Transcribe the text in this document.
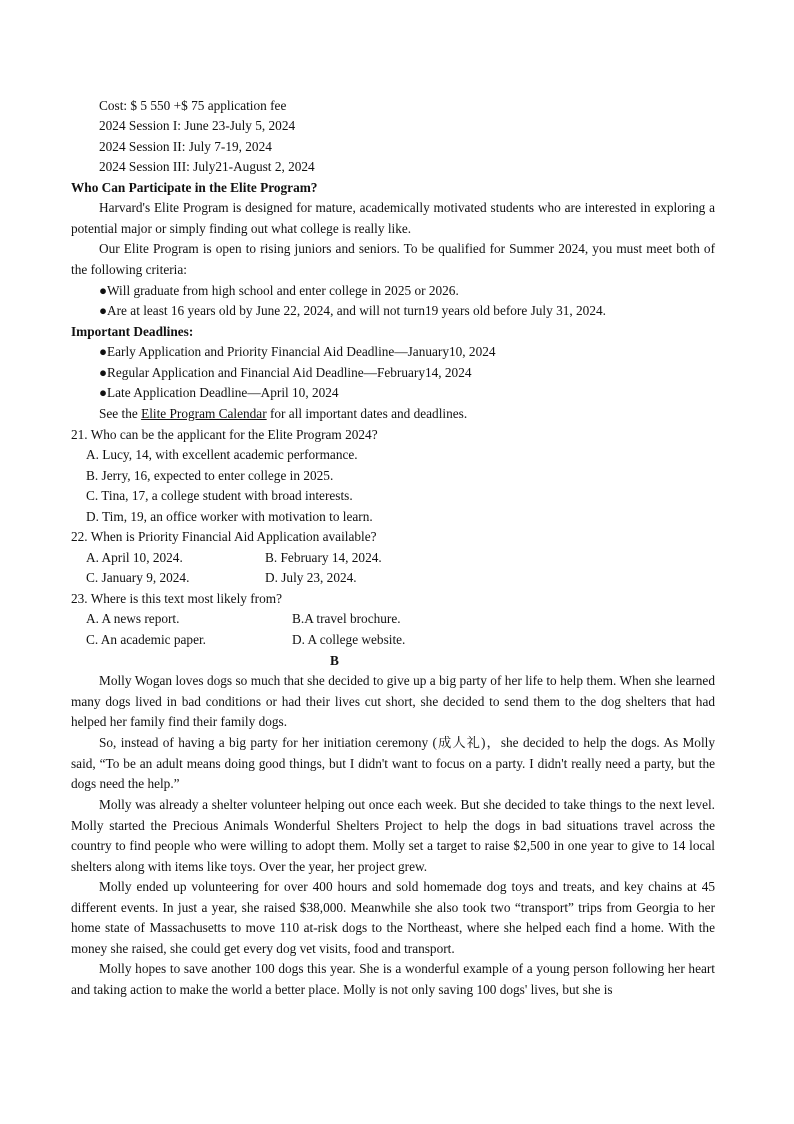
Cost: $ 5 550 +$ 75 application fee
2024 Session I: June 23-July 5, 2024
2024 Session II: July 7-19, 2024
2024 Session III: July21-August 2, 2024
Who Can Participate in the Elite Program?
Harvard's Elite Program is designed for mature, academically motivated students who are interested in exploring a potential major or simply finding out what college is really like.
Our Elite Program is open to rising juniors and seniors. To be qualified for Summer 2024, you must meet both of the following criteria:
●Will graduate from high school and enter college in 2025 or 2026.
●Are at least 16 years old by June 22, 2024, and will not turn19 years old before July 31, 2024.
Important Deadlines:
●Early Application and Priority Financial Aid Deadline—January10, 2024
●Regular Application and Financial Aid Deadline—February14, 2024
●Late Application Deadline—April 10, 2024
See the Elite Program Calendar for all important dates and deadlines.
21. Who can be the applicant for the Elite Program 2024?
A. Lucy, 14, with excellent academic performance.
B. Jerry, 16, expected to enter college in 2025.
C. Tina, 17, a college student with broad interests.
D. Tim, 19, an office worker with motivation to learn.
22. When is Priority Financial Aid Application available?
A. April 10, 2024.	B. February 14, 2024.
C. January 9, 2024.	D. July 23, 2024.
23. Where is this text most likely from?
A. A news report.	B.A travel brochure.
C. An academic paper.	D. A college website.
B
Molly Wogan loves dogs so much that she decided to give up a big party of her life to help them. When she learned many dogs lived in bad conditions or had their lives cut short, she decided to send them to the dog shelters that had helped her family find their family dogs.
So, instead of having a big party for her initiation ceremony (成人礼)，she decided to help the dogs. As Molly said, “To be an adult means doing good things, but I didn't want to focus on a party. I didn't really need a party, but the dogs need the help.”
Molly was already a shelter volunteer helping out once each week. But she decided to take things to the next level. Molly started the Precious Animals Wonderful Shelters Project to help the dogs in bad situations travel across the country to find people who were willing to adopt them. Molly set a target to raise $2,500 in one year to give to 14 local shelters along with items like toys. Over the year, her project grew.
Molly ended up volunteering for over 400 hours and sold homemade dog toys and treats, and key chains at 45 different events. In just a year, she raised $38,000. Meanwhile she also took two “transport” trips from Georgia to her home state of Massachusetts to move 110 at-risk dogs to the Northeast, where she helped each find a home. With the money she raised, she could get every dog vet visits, food and transport.
Molly hopes to save another 100 dogs this year. She is a wonderful example of a young person following her heart and taking action to make the world a better place. Molly is not only saving 100 dogs' lives, but she is
